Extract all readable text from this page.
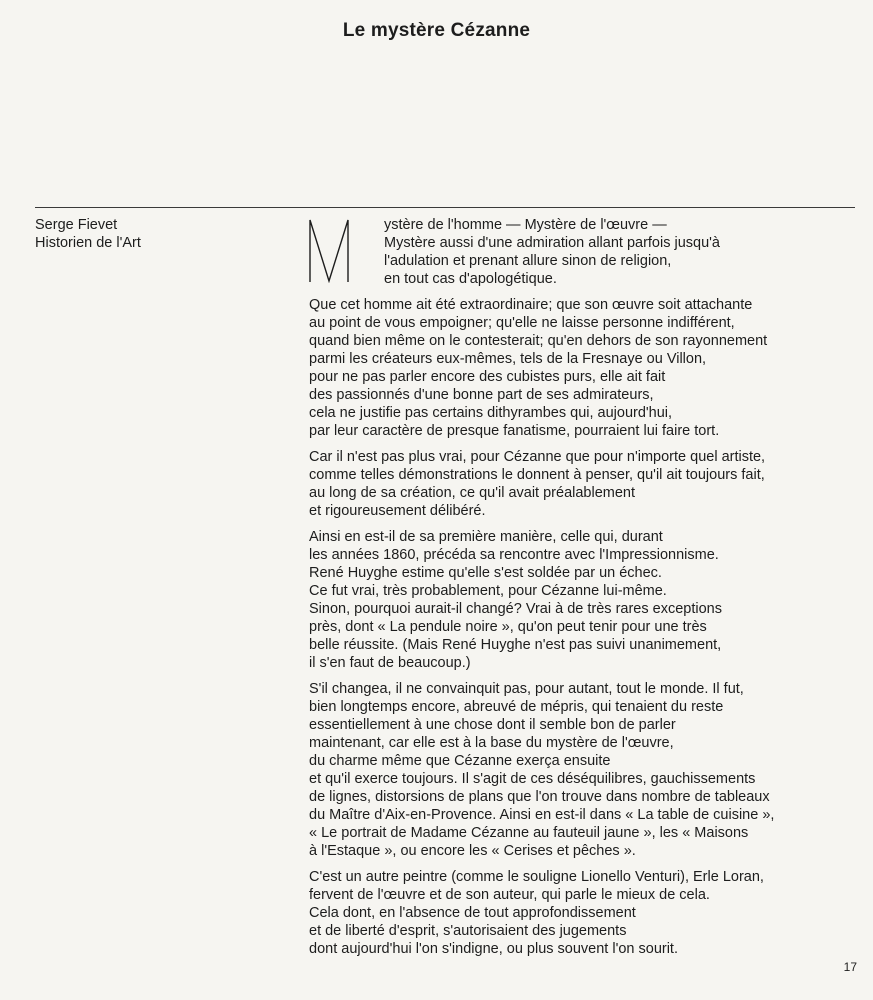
Le mystère Cézanne
Serge Fievet
Historien de l'Art
ystère de l'homme — Mystère de l'œuvre —
Mystère aussi d'une admiration allant parfois jusqu'à
l'adulation et prenant allure sinon de religion,
en tout cas d'apologétique.
Que cet homme ait été extraordinaire; que son œuvre soit attachante
au point de vous empoigner; qu'elle ne laisse personne indifférent,
quand bien même on le contesterait; qu'en dehors de son rayonnement
parmi les créateurs eux-mêmes, tels de la Fresnaye ou Villon,
pour ne pas parler encore des cubistes purs, elle ait fait
des passionnés d'une bonne part de ses admirateurs,
cela ne justifie pas certains dithyrambes qui, aujourd'hui,
par leur caractère de presque fanatisme, pourraient lui faire tort.
Car il n'est pas plus vrai, pour Cézanne que pour n'importe quel artiste,
comme telles démonstrations le donnent à penser, qu'il ait toujours fait,
au long de sa création, ce qu'il avait préalablement
et rigoureusement délibéré.
Ainsi en est-il de sa première manière, celle qui, durant
les années 1860, précéda sa rencontre avec l'Impressionnisme.
René Huyghe estime qu'elle s'est soldée par un échec.
Ce fut vrai, très probablement, pour Cézanne lui-même.
Sinon, pourquoi aurait-il changé? Vrai à de très rares exceptions
près, dont « La pendule noire », qu'on peut tenir pour une très
belle réussite. (Mais René Huyghe n'est pas suivi unanimement,
il s'en faut de beaucoup.)
S'il changea, il ne convainquit pas, pour autant, tout le monde. Il fut,
bien longtemps encore, abreuvé de mépris, qui tenaient du reste
essentiellement à une chose dont il semble bon de parler
maintenant, car elle est à la base du mystère de l'œuvre,
du charme même que Cézanne exerça ensuite
et qu'il exerce toujours. Il s'agit de ces déséquilibres, gauchissements
de lignes, distorsions de plans que l'on trouve dans nombre de tableaux
du Maître d'Aix-en-Provence. Ainsi en est-il dans « La table de cuisine »,
« Le portrait de Madame Cézanne au fauteuil jaune », les « Maisons
à l'Estaque », ou encore les « Cerises et pêches ».
C'est un autre peintre (comme le souligne Lionello Venturi), Erle Loran,
fervent de l'œuvre et de son auteur, qui parle le mieux de cela.
Cela dont, en l'absence de tout approfondissement
et de liberté d'esprit, s'autorisaient des jugements
dont aujourd'hui l'on s'indigne, ou plus souvent l'on sourit.
17
